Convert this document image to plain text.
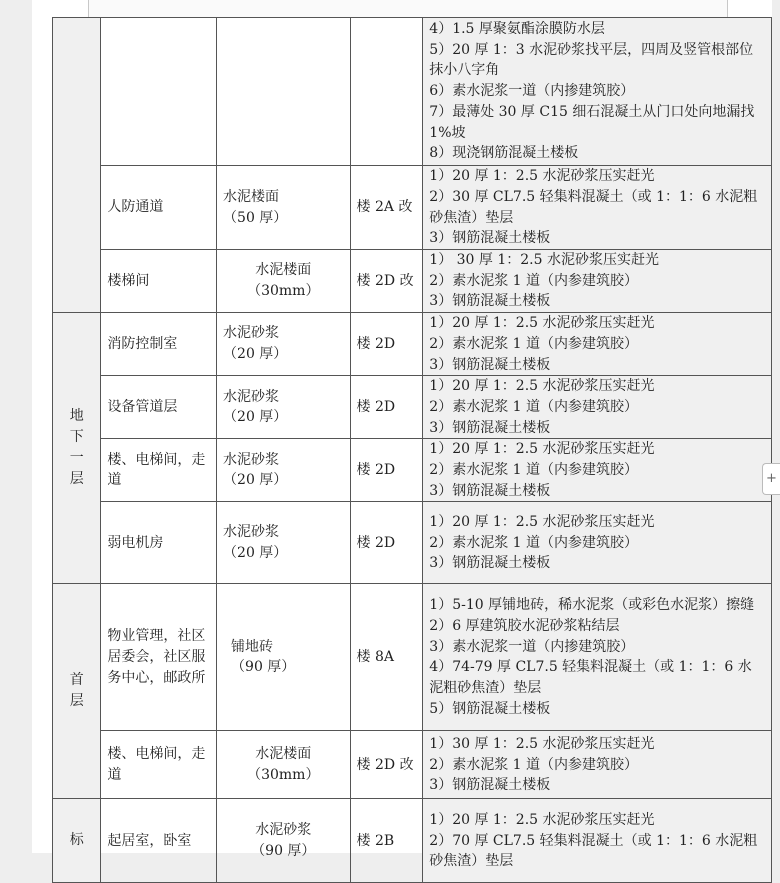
				4）1.5 厚聚氨酯涂膜防水层
5）20 厚 1：3 水泥砂浆找平层，四周及竖管根部位抹小八字角
6）素水泥浆一道（内掺建筑胶）
7）最薄处 30 厚 C15 细石混凝土从门口处向地漏找 1%坡
8）现浇钢筋混凝土楼板

	人防通道	水泥楼面
（50 厚）	楼 2A 改	1）20 厚 1：2.5 水泥砂浆压实赶光
2）30 厚 CL7.5 轻集料混凝土（或 1：1：6 水泥粗砂焦渣）垫层
3）钢筋混凝土楼板

	楼梯间	水泥楼面
（30mm）	楼 2D 改	1） 30 厚 1：2.5 水泥砂浆压实赶光
2）素水泥浆 1 道（内参建筑胶）
3）钢筋混凝土楼板

地下一层	消防控制室	水泥砂浆
（20 厚）	楼 2D	1）20 厚 1：2.5 水泥砂浆压实赶光
2）素水泥浆 1 道（内参建筑胶）
3）钢筋混凝土楼板

	设备管道层	水泥砂浆
（20 厚）	楼 2D	1）20 厚 1：2.5 水泥砂浆压实赶光
2）素水泥浆 1 道（内参建筑胶）
3）钢筋混凝土楼板

	楼、电梯间，走道	水泥砂浆
（20 厚）	楼 2D	1）20 厚 1：2.5 水泥砂浆压实赶光
2）素水泥浆 1 道（内参建筑胶）
3）钢筋混凝土楼板

	弱电机房	水泥砂浆
（20 厚）	楼 2D	1）20 厚 1：2.5 水泥砂浆压实赶光
2）素水泥浆 1 道（内参建筑胶）
3）钢筋混凝土楼板

首层	物业管理，社区居委会，社区服务中心，邮政所	铺地砖
（90 厚）	楼 8A	1）5-10 厚铺地砖，稀水泥浆（或彩色水泥浆）擦缝
2）6 厚建筑胶水泥砂浆粘结层
3）素水泥浆一道（内掺建筑胶）
4）74-79 厚 CL7.5 轻集料混凝土（或 1：1：6 水泥粗砂焦渣）垫层
5）钢筋混凝土楼板

	楼、电梯间，走道	水泥楼面
（30mm）	楼 2D 改	1）30 厚 1：2.5 水泥砂浆压实赶光
2）素水泥浆 1 道（内参建筑胶）
3）钢筋混凝土楼板

标	起居室，卧室	水泥砂浆
（90 厚）	楼 2B	1）20 厚 1：2.5 水泥砂浆压实赶光
2）70 厚 CL7.5 轻集料混凝土（或 1：1：6 水泥粗砂焦渣）垫层
+
